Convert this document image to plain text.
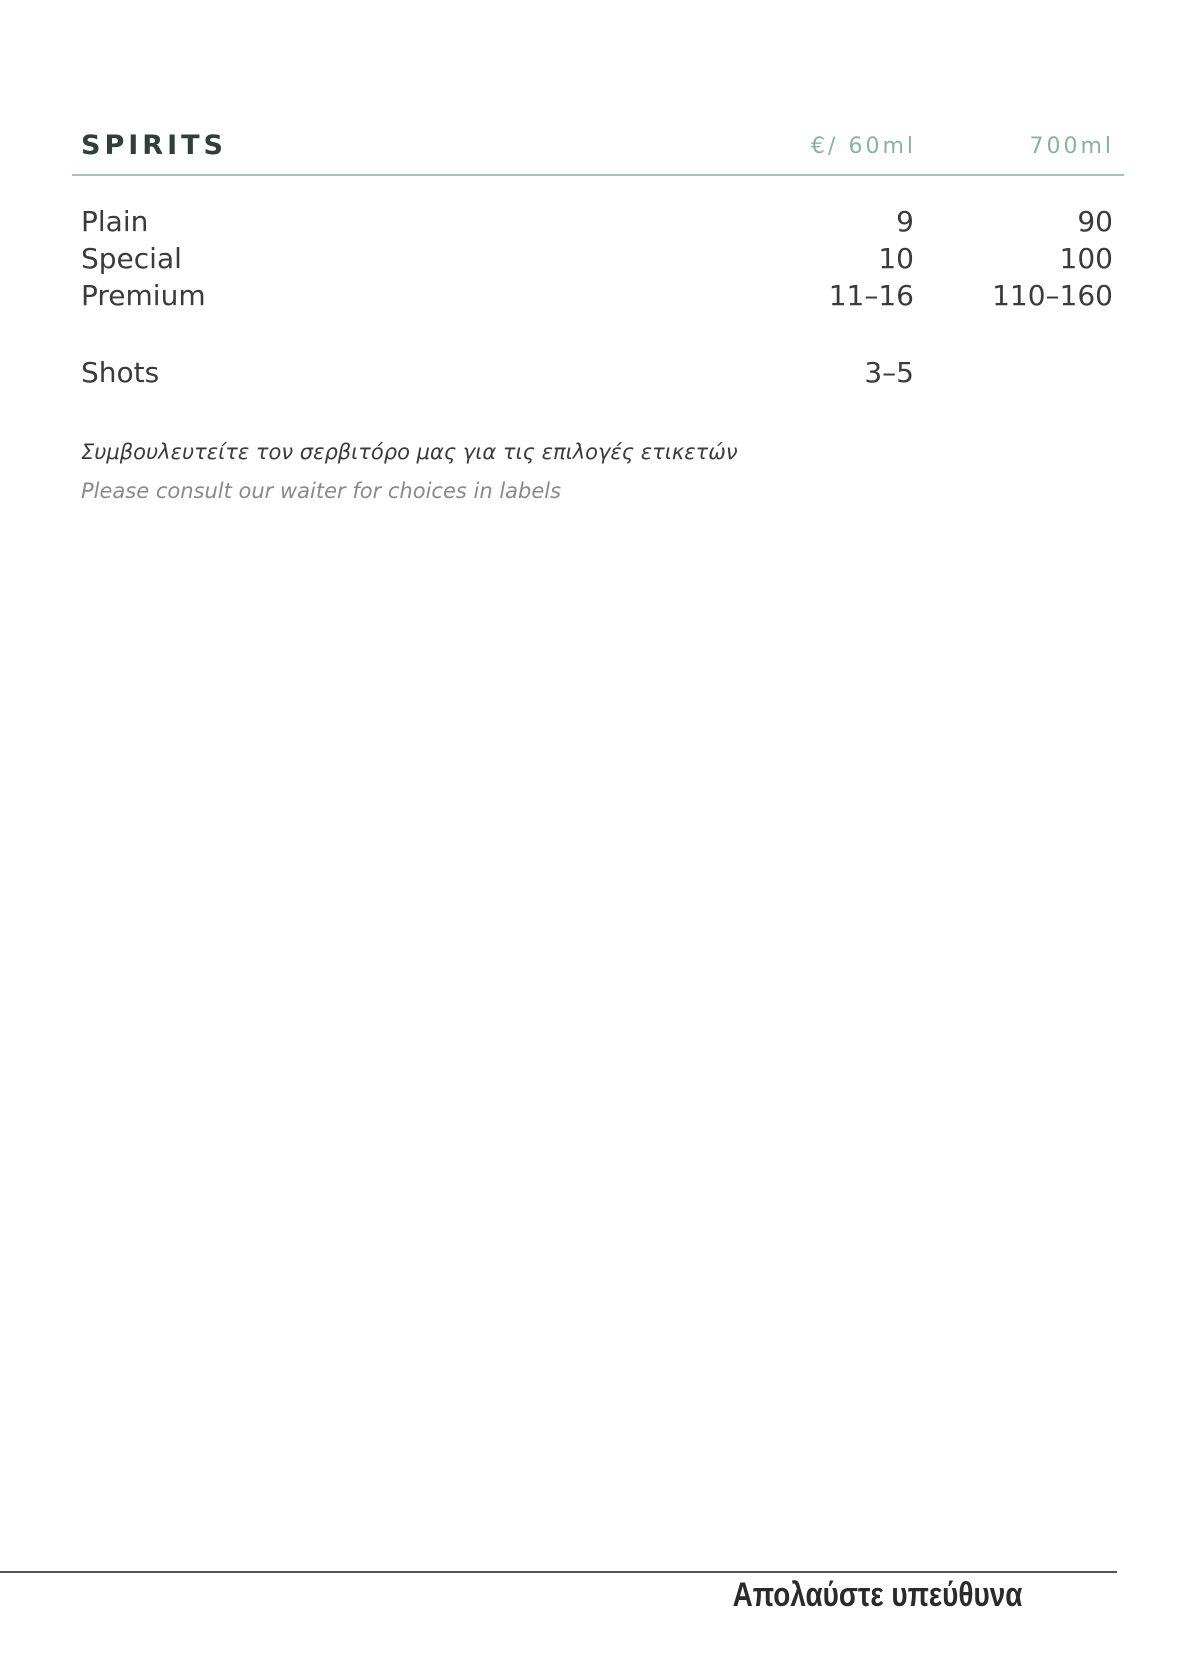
SPIRITS	€/ 60ml	700ml
Plain	9	90
Special	10	100
Premium	11–16	110–160
Shots	3–5
Συμβουλευτείτε τον σερβιτόρο μας για τις επιλογές ετικετών
Please consult our waiter for choices in labels
Απολαύστε υπεύθυνα
